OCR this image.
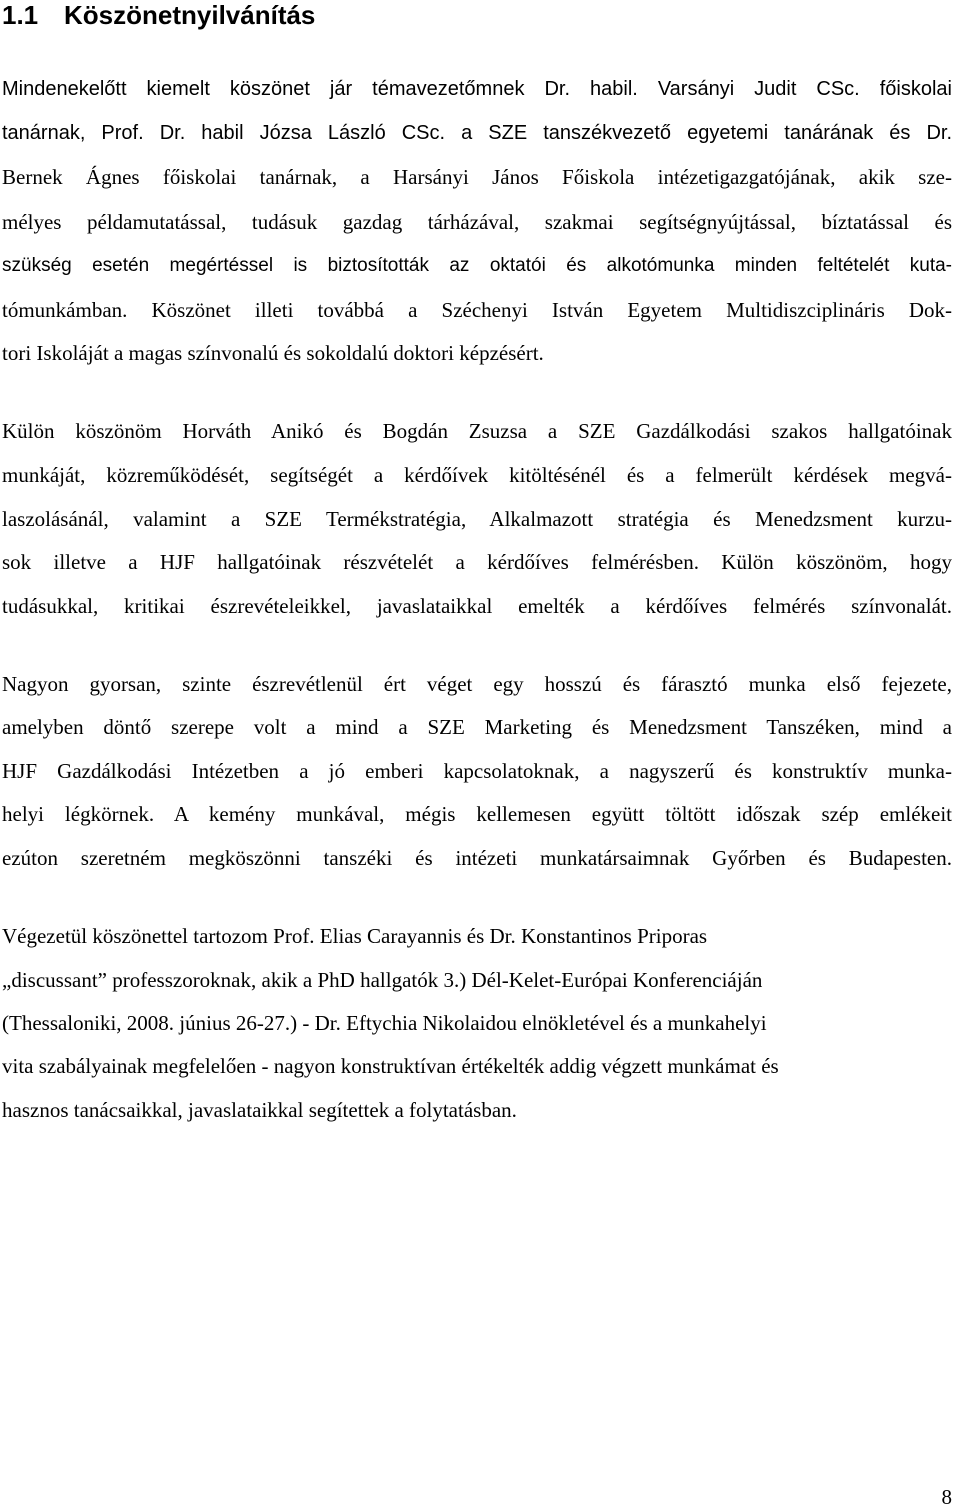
1.1 Köszönetnyilvánítás
Mindenekelőtt kiemelt köszönet jár témavezetőmnek Dr. habil. Varsányi Judit CSc. főiskolai
tanárnak, Prof. Dr. habil Józsa László CSc. a SZE tanszékvezető egyetemi tanárának és Dr.
Bernek Ágnes főiskolai tanárnak, a Harsányi János Főiskola intézetigazgatójának, akik sze-
mélyes példamutatással, tudásuk gazdag tárházával, szakmai segítségnyújtással, bíztatással és
szükség esetén megértéssel is biztosították az oktatói és alkotómunka minden feltételét kuta-
tómunkámban. Köszönet illeti továbbá a Széchenyi István Egyetem Multidiszciplináris Dok-
tori Iskoláját a magas színvonalú és sokoldalú doktori képzésért.
Külön köszönöm Horváth Anikó és Bogdán Zsuzsa a SZE Gazdálkodási szakos hallgatóinak
munkáját, közreműködését, segítségét a kérdőívek kitöltésénél és a felmerült kérdések megvá-
laszolásánál, valamint a SZE Termékstratégia, Alkalmazott stratégia és Menedzsment kurzu-
sok illetve a HJF hallgatóinak részvételét a kérdőíves felmérésben. Külön köszönöm, hogy
tudásukkal, kritikai észrevételeikkel, javaslataikkal emelték a kérdőíves felmérés színvonalát.
Nagyon gyorsan, szinte észrevétlenül ért véget egy hosszú és fárasztó munka első fejezete,
amelyben döntő szerepe volt a mind a SZE Marketing és Menedzsment Tanszéken, mind a
HJF Gazdálkodási Intézetben a jó emberi kapcsolatoknak, a nagyszerű és konstruktív munka-
helyi légkörnek. A kemény munkával, mégis kellemesen együtt töltött időszak szép emlékeit
ezúton szeretném megköszönni tanszéki és intézeti munkatársaimnak Győrben és Budapesten.
Végezetül köszönettel tartozom Prof. Elias Carayannis és Dr. Konstantinos Priporas
„discussant” professzoroknak, akik a PhD hallgatók 3.) Dél-Kelet-Európai Konferenciáján
(Thessaloniki, 2008. június 26-27.) - Dr. Eftychia Nikolaidou elnökletével és a munkahelyi
vita szabályainak megfelelően - nagyon konstruktívan értékelték addig végzett munkámat és
hasznos tanácsaikkal, javaslataikkal segítettek a folytatásban.
8
